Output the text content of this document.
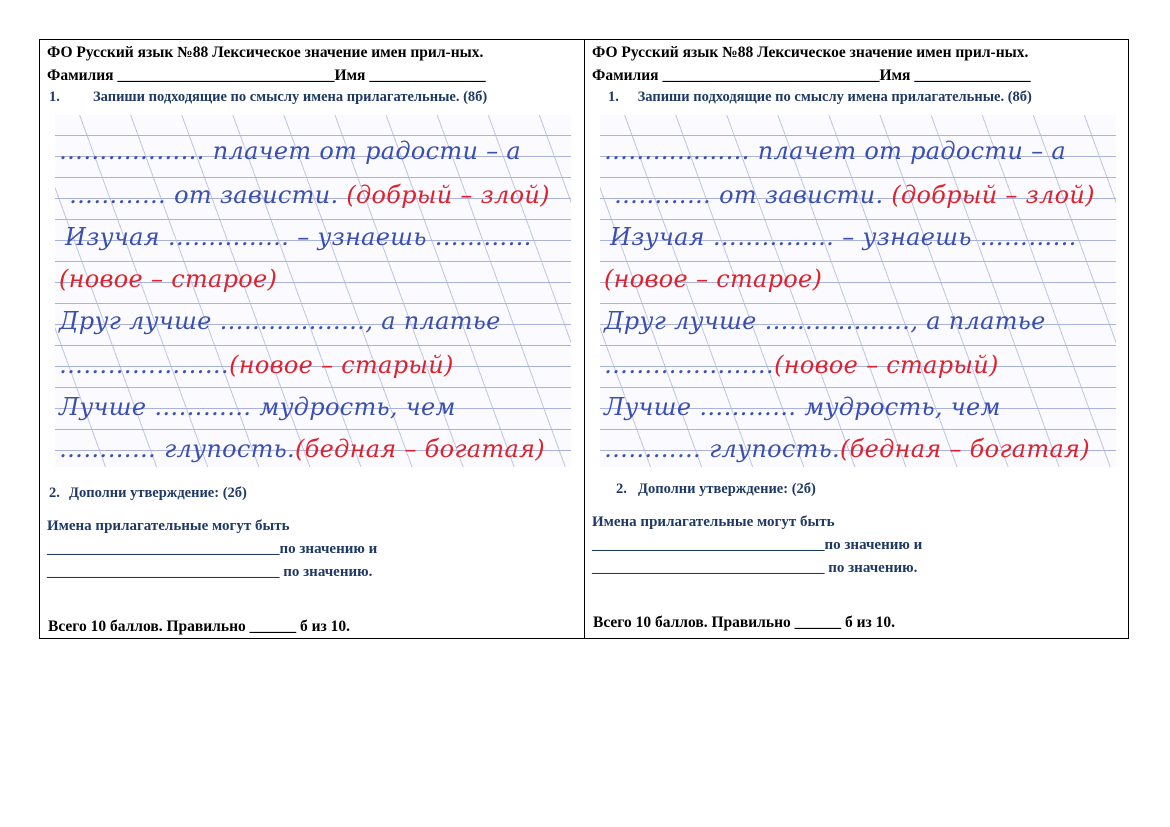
ФО Русский язык №88 Лексическое значение имен прил-ных.
Фамилия ____________________________Имя _______________
1. Запиши подходящие по смыслу имена прилагательные. (8б)

……………… плачет от радости – а

………… от зависти. (добрый – злой)

Изучая …………… – узнаешь …………

(новое – старое)

Друг лучше ………………, а платье

…………………(новое – старый)

Лучше ………… мудрость, чем

………… глупость.(бедная – богатая)

2. Дополни утверждение: (2б)
Имена прилагательные могут быть
_______________________________по значению и
_______________________________ по значению.
Всего 10 баллов. Правильно ______ б из 10.
ФО Русский язык №88 Лексическое значение имен прил-ных.
Фамилия ____________________________Имя _______________
1. Запиши подходящие по смыслу имена прилагательные. (8б)

……………… плачет от радости – а

………… от зависти. (добрый – злой)

Изучая …………… – узнаешь …………

(новое – старое)

Друг лучше ………………, а платье

…………………(новое – старый)

Лучше ………… мудрость, чем

………… глупость.(бедная – богатая)

2. Дополни утверждение: (2б)
Имена прилагательные могут быть
_______________________________по значению и
_______________________________ по значению.
Всего 10 баллов. Правильно ______ б из 10.
